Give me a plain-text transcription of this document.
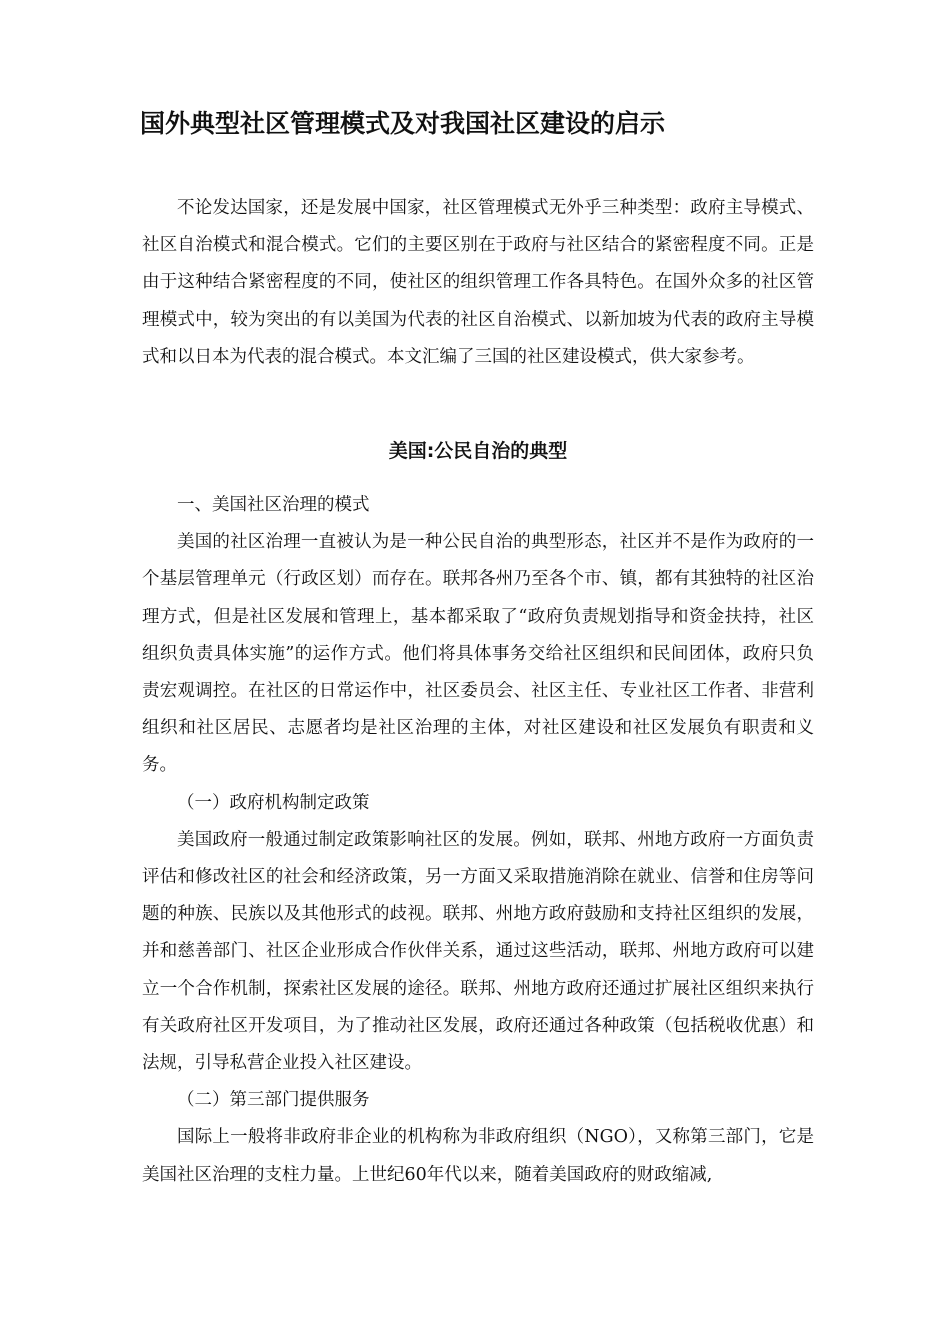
国外典型社区管理模式及对我国社区建设的启示

不论发达国家，还是发展中国家，社区管理模式无外乎三种类型：政府主导模式、社区自治模式和混合模式。它们的主要区别在于政府与社区结合的紧密程度不同。正是由于这种结合紧密程度的不同，使社区的组织管理工作各具特色。在国外众多的社区管理模式中，较为突出的有以美国为代表的社区自治模式、以新加坡为代表的政府主导模式和以日本为代表的混合模式。本文汇编了三国的社区建设模式，供大家参考。

美国:公民自治的典型

一、美国社区治理的模式

美国的社区治理一直被认为是一种公民自治的典型形态，社区并不是作为政府的一个基层管理单元（行政区划）而存在。联邦各州乃至各个市、镇，都有其独特的社区治理方式，但是社区发展和管理上，基本都采取了“政府负责规划指导和资金扶持，社区组织负责具体实施”的运作方式。他们将具体事务交给社区组织和民间团体，政府只负责宏观调控。在社区的日常运作中，社区委员会、社区主任、专业社区工作者、非营利组织和社区居民、志愿者均是社区治理的主体，对社区建设和社区发展负有职责和义务。

（一）政府机构制定政策

美国政府一般通过制定政策影响社区的发展。例如，联邦、州地方政府一方面负责评估和修改社区的社会和经济政策，另一方面又采取措施消除在就业、信誉和住房等问题的种族、民族以及其他形式的歧视。联邦、州地方政府鼓励和支持社区组织的发展，并和慈善部门、社区企业形成合作伙伴关系，通过这些活动，联邦、州地方政府可以建立一个合作机制，探索社区发展的途径。联邦、州地方政府还通过扩展社区组织来执行有关政府社区开发项目，为了推动社区发展，政府还通过各种政策（包括税收优惠）和法规，引导私营企业投入社区建设。

（二）第三部门提供服务

国际上一般将非政府非企业的机构称为非政府组织（NGO），又称第三部门，它是美国社区治理的支柱力量。上世纪60年代以来，随着美国政府的财政缩减,
